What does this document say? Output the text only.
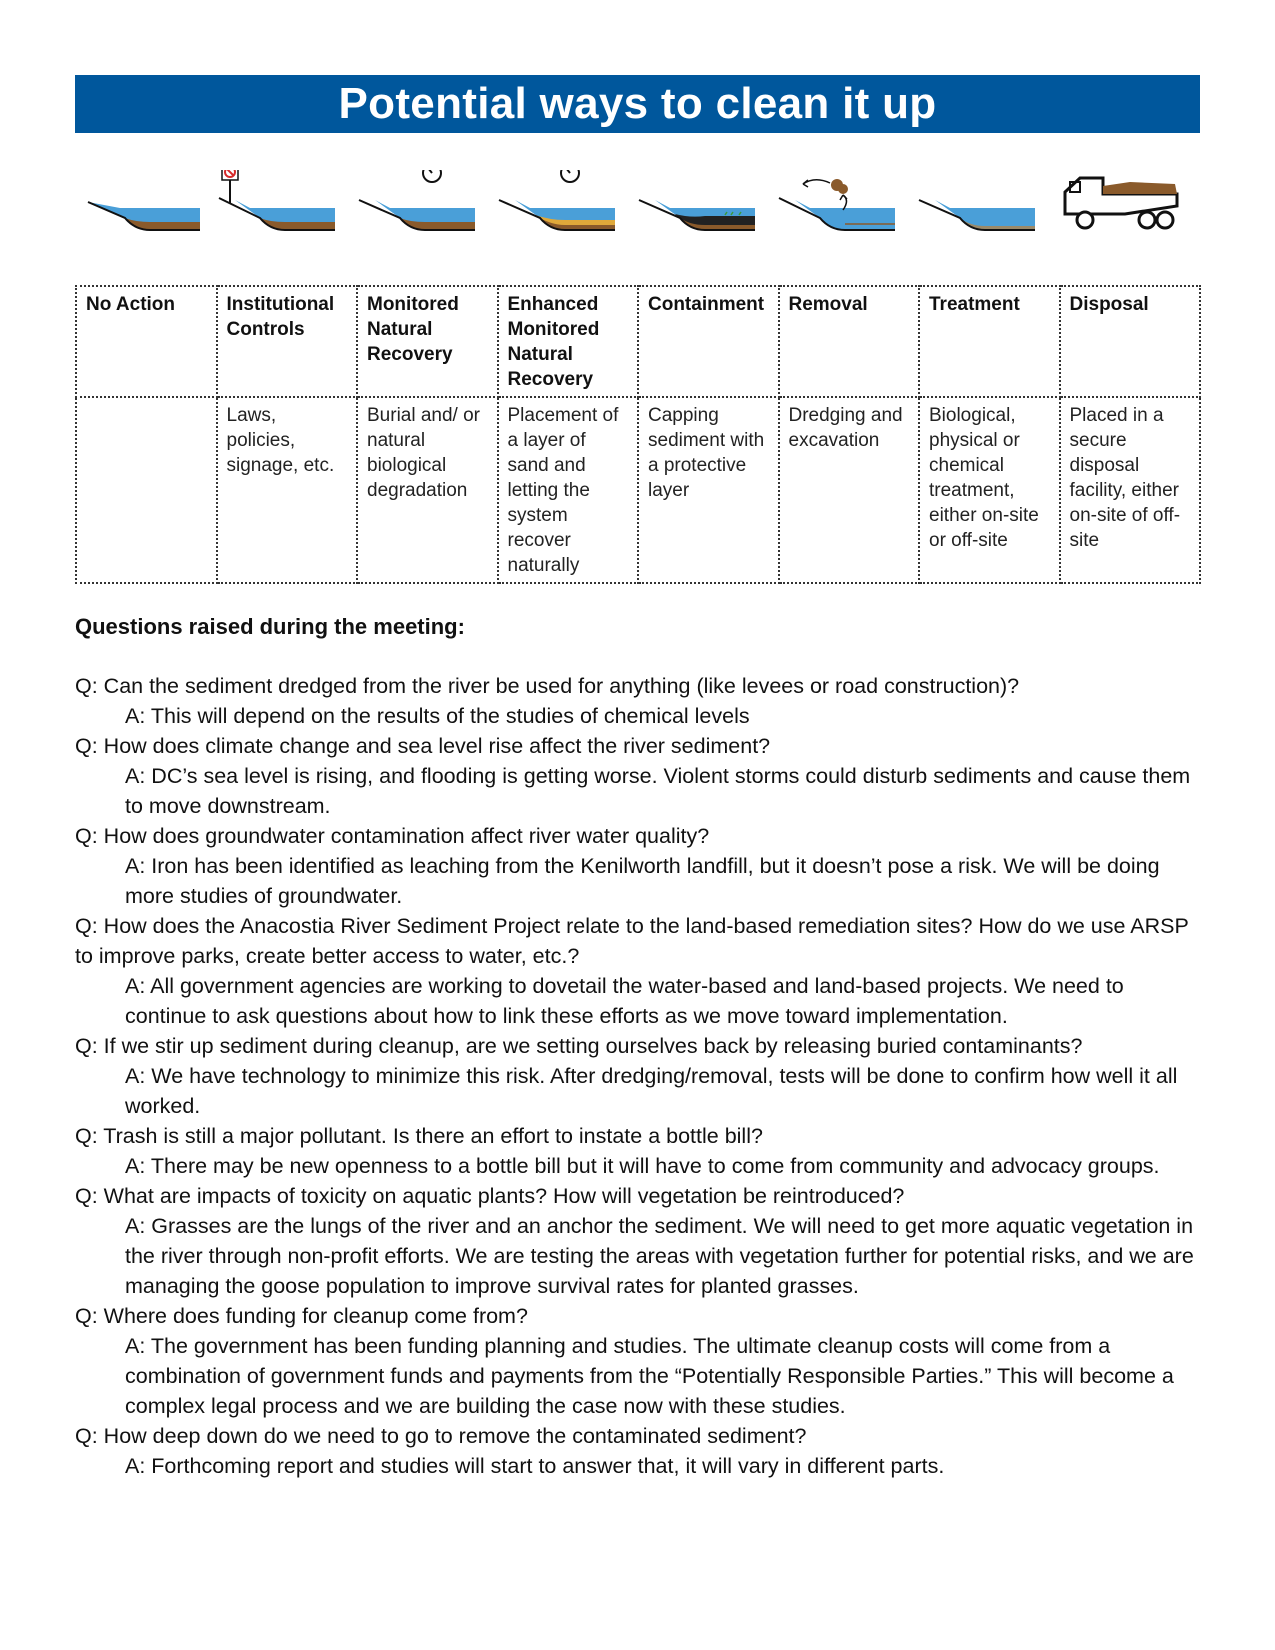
Potential ways to clean it up
No Action	Institutional Controls	Monitored Natural Recovery	Enhanced Monitored Natural Recovery	Containment	Removal	Treatment	Disposal
	Laws, policies, signage, etc.	Burial and/ or natural biological degradation	Placement of a layer of sand and letting the system recover naturally	Capping sediment with a protective layer	Dredging and excavation	Biological, physical or chemical treatment, either on-site or off-site	Placed in a secure disposal facility, either on-site of off-site

Questions raised during the meeting:

Q: Can the sediment dredged from the river be used for anything (like levees or road construction)?

A: This will depend on the results of the studies of chemical levels

Q: How does climate change and sea level rise affect the river sediment?

A: DC’s sea level is rising, and flooding is getting worse. Violent storms could disturb sediments and cause them to move downstream.

Q: How does groundwater contamination affect river water quality?

A: Iron has been identified as leaching from the Kenilworth landfill, but it doesn’t pose a risk. We will be doing more studies of groundwater.

Q: How does the Anacostia River Sediment Project relate to the land-based remediation sites? How do we use ARSP to improve parks, create better access to water, etc.?

A: All government agencies are working to dovetail the water-based and land-based projects. We need to continue to ask questions about how to link these efforts as we move toward implementation.

Q: If we stir up sediment during cleanup, are we setting ourselves back by releasing buried contaminants?

A: We have technology to minimize this risk. After dredging/removal, tests will be done to confirm how well it all worked.

Q: Trash is still a major pollutant. Is there an effort to instate a bottle bill?

A: There may be new openness to a bottle bill but it will have to come from community and advocacy groups.

Q: What are impacts of toxicity on aquatic plants? How will vegetation be reintroduced?

A: Grasses are the lungs of the river and an anchor the sediment. We will need to get more aquatic vegetation in the river through non-profit efforts. We are testing the areas with vegetation further for potential risks, and we are managing the goose population to improve survival rates for planted grasses.

Q: Where does funding for cleanup come from?

A: The government has been funding planning and studies. The ultimate cleanup costs will come from a combination of government funds and payments from the “Potentially Responsible Parties.” This will become a complex legal process and we are building the case now with these studies.

Q: How deep down do we need to go to remove the contaminated sediment?

A: Forthcoming report and studies will start to answer that, it will vary in different parts.
